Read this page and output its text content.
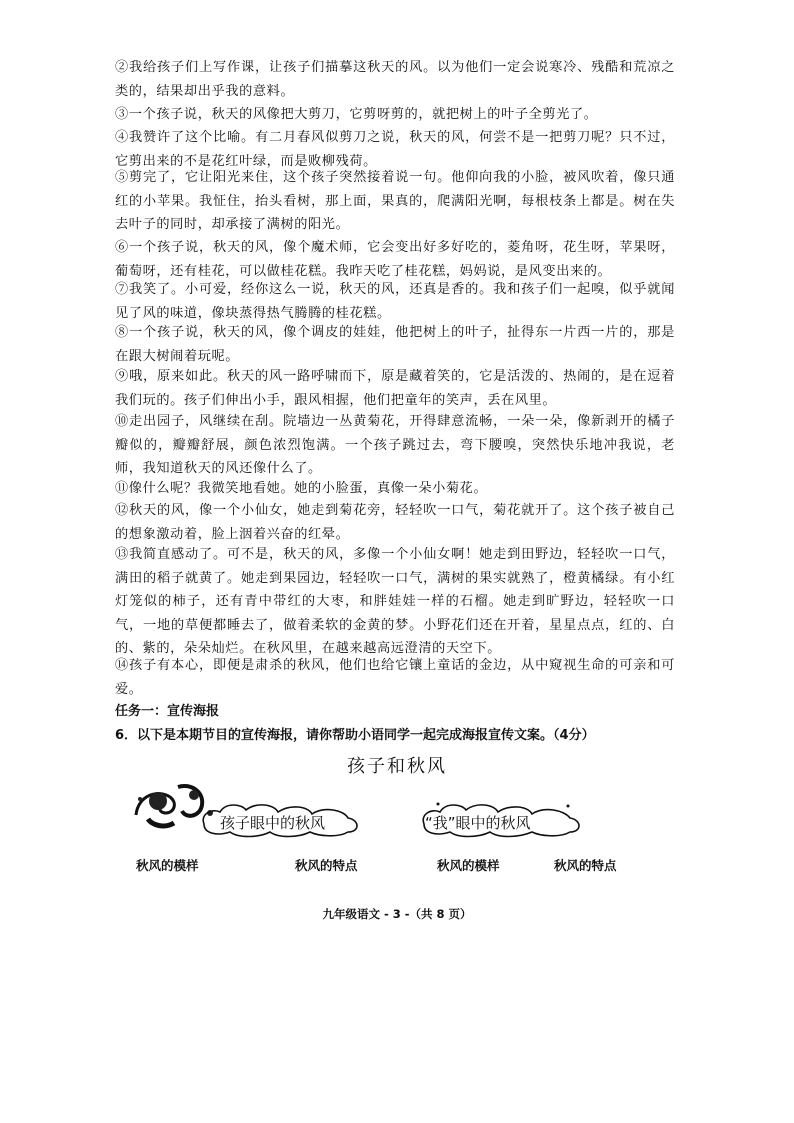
②我给孩子们上写作课，让孩子们描摹这秋天的风。以为他们一定会说寒冷、残酷和荒凉之类的，结果却出乎我的意料。

③一个孩子说，秋天的风像把大剪刀，它剪呀剪的，就把树上的叶子全剪光了。

④我赞许了这个比喻。有二月春风似剪刀之说，秋天的风，何尝不是一把剪刀呢？只不过，它剪出来的不是花红叶绿，而是败柳残荷。

⑤剪完了，它让阳光来住，这个孩子突然接着说一句。他仰向我的小脸，被风吹着，像只通红的小苹果。我怔住，抬头看树，那上面，果真的，爬满阳光啊，每根枝条上都是。树在失去叶子的同时，却承接了满树的阳光。

⑥一个孩子说，秋天的风，像个魔术师，它会变出好多好吃的，菱角呀，花生呀，苹果呀，葡萄呀，还有桂花，可以做桂花糕。我昨天吃了桂花糕，妈妈说，是风变出来的。

⑦我笑了。小可爱，经你这么一说，秋天的风，还真是香的。我和孩子们一起嗅，似乎就闻见了风的味道，像块蒸得热气腾腾的桂花糕。

⑧一个孩子说，秋天的风，像个调皮的娃娃，他把树上的叶子，扯得东一片西一片的，那是在跟大树闹着玩呢。

⑨哦，原来如此。秋天的风一路呼啸而下，原是藏着笑的，它是活泼的、热闹的，是在逗着我们玩的。孩子们伸出小手，跟风相握，他们把童年的笑声，丢在风里。

⑩走出园子，风继续在刮。院墙边一丛黄菊花，开得肆意流畅，一朵一朵，像新剥开的橘子瓣似的，瓣瓣舒展，颜色浓烈饱满。一个孩子跳过去，弯下腰嗅，突然快乐地冲我说，老师，我知道秋天的风还像什么了。

⑪像什么呢？我微笑地看她。她的小脸蛋，真像一朵小菊花。

⑫秋天的风，像一个小仙女，她走到菊花旁，轻轻吹一口气，菊花就开了。这个孩子被自己的想象激动着，脸上洇着兴奋的红晕。

⑬我简直感动了。可不是，秋天的风，多像一个小仙女啊！她走到田野边，轻轻吹一口气，满田的稻子就黄了。她走到果园边，轻轻吹一口气，满树的果实就熟了，橙黄橘绿。有小红灯笼似的柿子，还有青中带红的大枣，和胖娃娃一样的石榴。她走到旷野边，轻轻吹一口气，一地的草便都睡去了，做着柔软的金黄的梦。小野花们还在开着，星星点点，红的、白的、紫的，朵朵灿烂。在秋风里，在越来越高远澄清的天空下。

⑭孩子有本心，即便是肃杀的秋风，他们也给它镶上童话的金边，从中窥视生命的可亲和可爱。

任务一：宣传海报
6．以下是本期节目的宣传海报，请你帮助小语同学一起完成海报宣传文案。（4分）
孩子和秋风
孩子眼中的秋风	“我”眼中的秋风
秋风的模样	秋风的特点	秋风的模样	秋风的特点
九年级语文 - 3 -（共 8 页）
